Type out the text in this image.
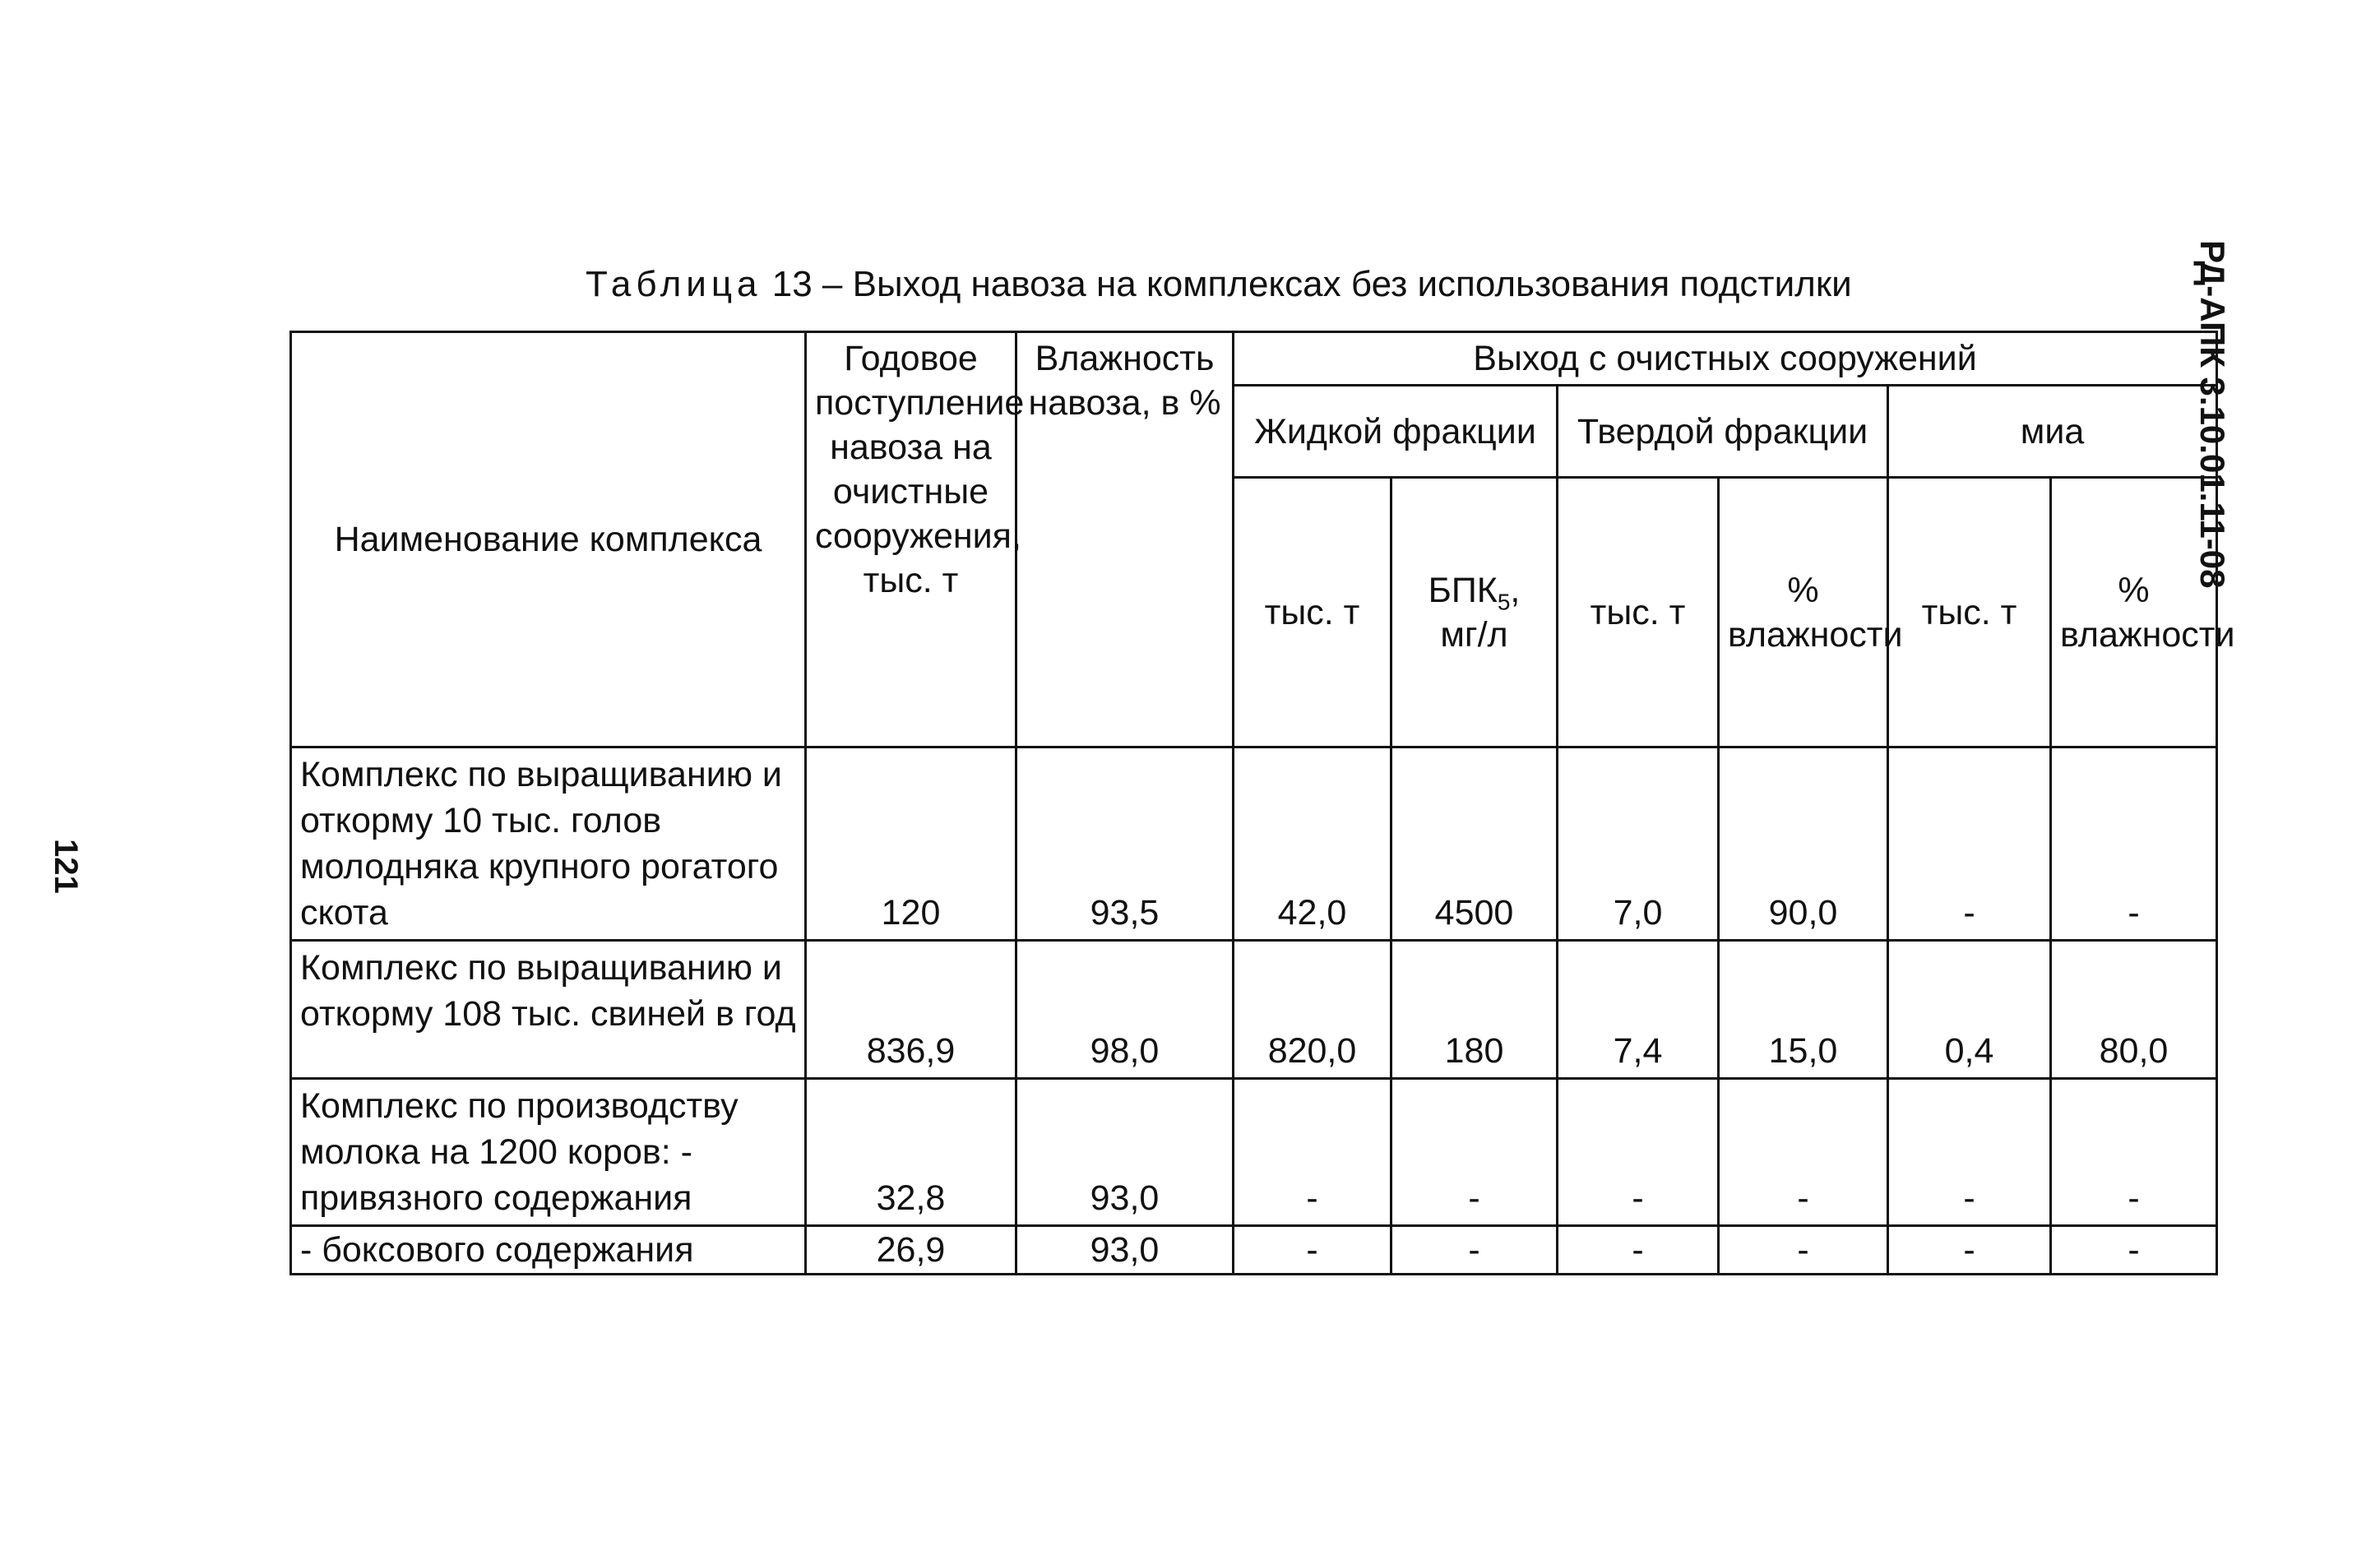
РД-АПК 3.10.01.11-08
121
Таблица 13 – Выход навоза на комплексах без использования подстилки
Наименование комплекса	Годовое поступление навоза на очистные сооружения, тыс. т	Влажность навоза, в %	Выход с очистных сооружений					
			Жидкой фракции		Твердой фракции		миа	
			тыс. т	$БПК_5$, мг/л	тыс. т	% влажности	тыс. т	% влажности
Комплекс по выращиванию и откорму 10 тыс. голов молодняка крупного рогатого скота	120	93,5	42,0	4500	7,0	90,0	-	-
Комплекс по выращиванию и откорму 108 тыс. свиней в год	836,9	98,0	820,0	180	7,4	15,0	0,4	80,0
Комплекс по производству молока на 1200 коров: - привязного содержания	32,8	93,0	-	-	-	-	-	-
- боксового содержания	26,9	93,0	-	-	-	-	-	-
